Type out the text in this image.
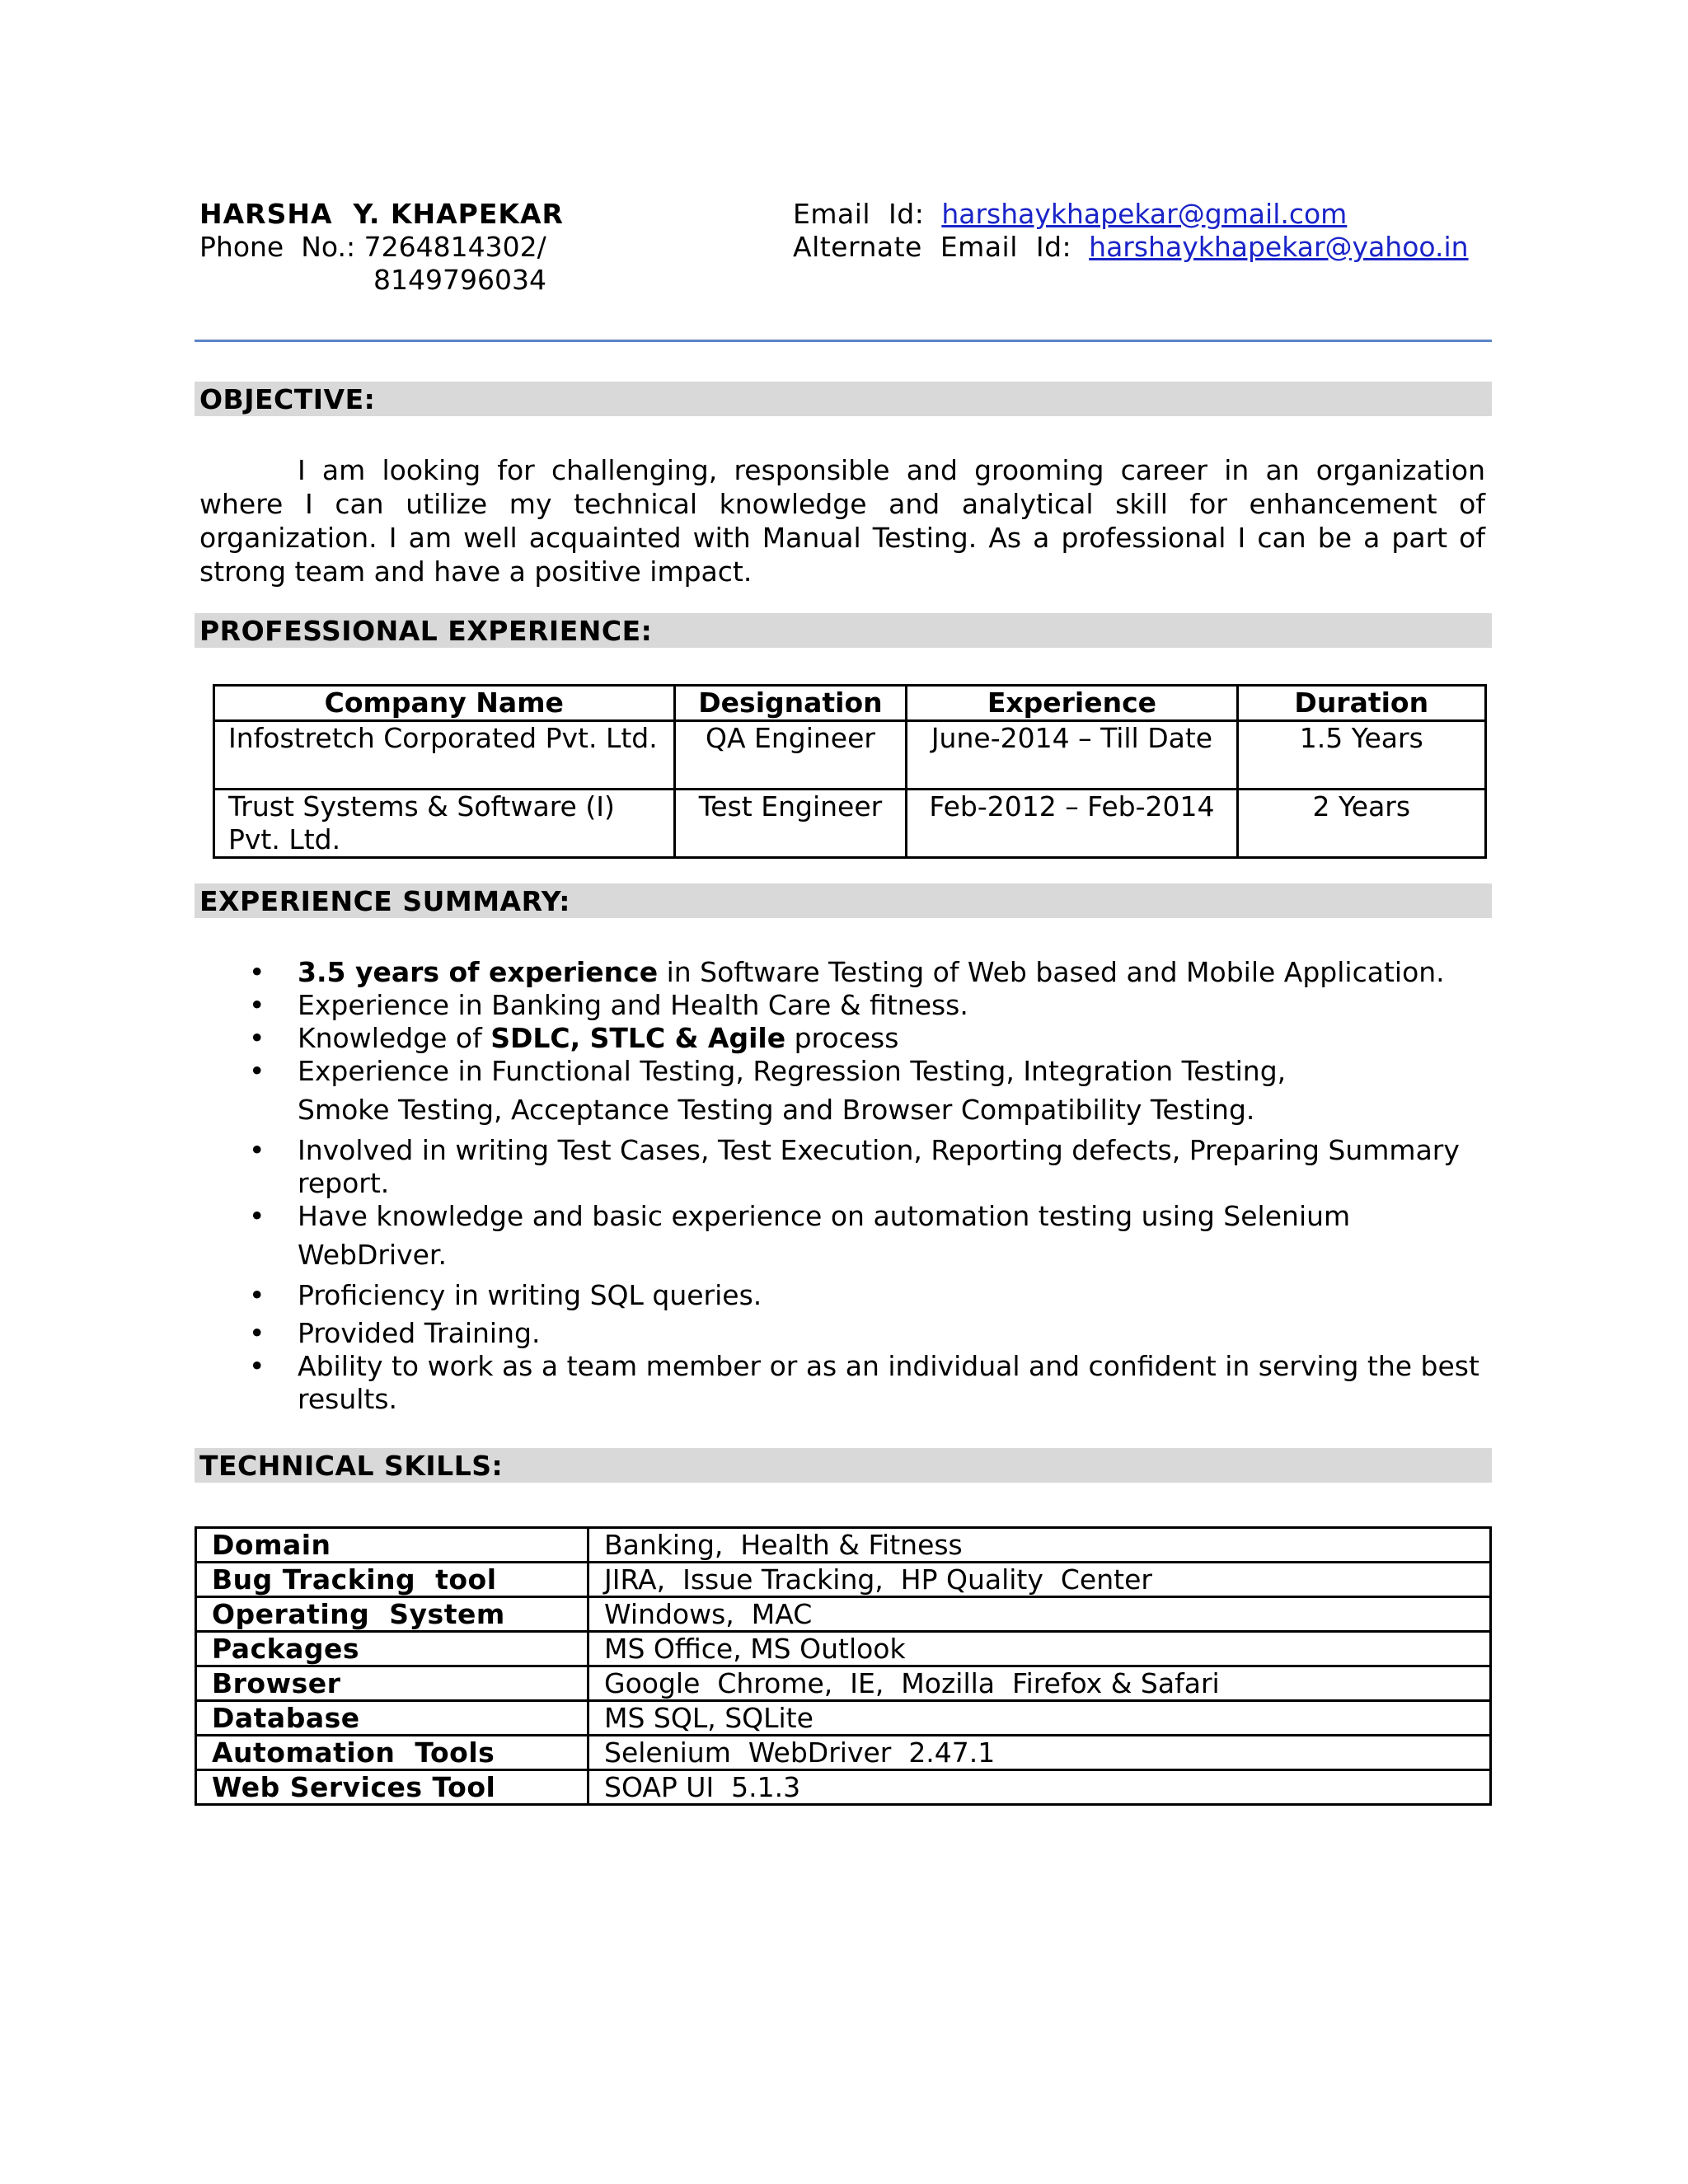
HARSHA  Y. KHAPEKAR
Phone  No.: 7264814302/
8149796034
Email  Id: harshaykhapekar@gmail.com
Alternate  Email  Id: harshaykhapekar@yahoo.in
OBJECTIVE:
I am looking for challenging, responsible and grooming career in an organization where I can utilize my technical knowledge and analytical skill for enhancement of organization. I am well acquainted with Manual Testing. As a professional I can be a part of strong team and have a positive impact.
PROFESSIONAL EXPERIENCE:
Company Name	Designation	Experience	Duration
Infostretch Corporated Pvt. Ltd.	QA Engineer	June-2014 – Till Date	1.5 Years
Trust Systems & Software (I) Pvt. Ltd.	Test Engineer	Feb-2012 – Feb-2014	2 Years
EXPERIENCE SUMMARY:
• 3.5 years of experience in Software Testing of Web based and Mobile Application.
• Experience in Banking and Health Care & fitness.
• Knowledge of SDLC, STLC & Agile process
• Experience in Functional Testing, Regression Testing, Integration Testing,
Smoke Testing, Acceptance Testing and Browser Compatibility Testing.
• Involved in writing Test Cases, Test Execution, Reporting defects, Preparing Summary report.
• Have knowledge and basic experience on automation testing using Selenium
WebDriver.
• Proficiency in writing SQL queries.
• Provided Training.
• Ability to work as a team member or as an individual and confident in serving the best results.
TECHNICAL SKILLS:
Domain	Banking,  Health & Fitness
Bug Tracking  tool	JIRA,  Issue Tracking,  HP Quality  Center
Operating  System	Windows,  MAC
Packages	MS Office, MS Outlook
Browser	Google  Chrome,  IE,  Mozilla  Firefox & Safari
Database	MS SQL, SQLite
Automation  Tools	Selenium  WebDriver  2.47.1
Web Services Tool	SOAP UI  5.1.3
